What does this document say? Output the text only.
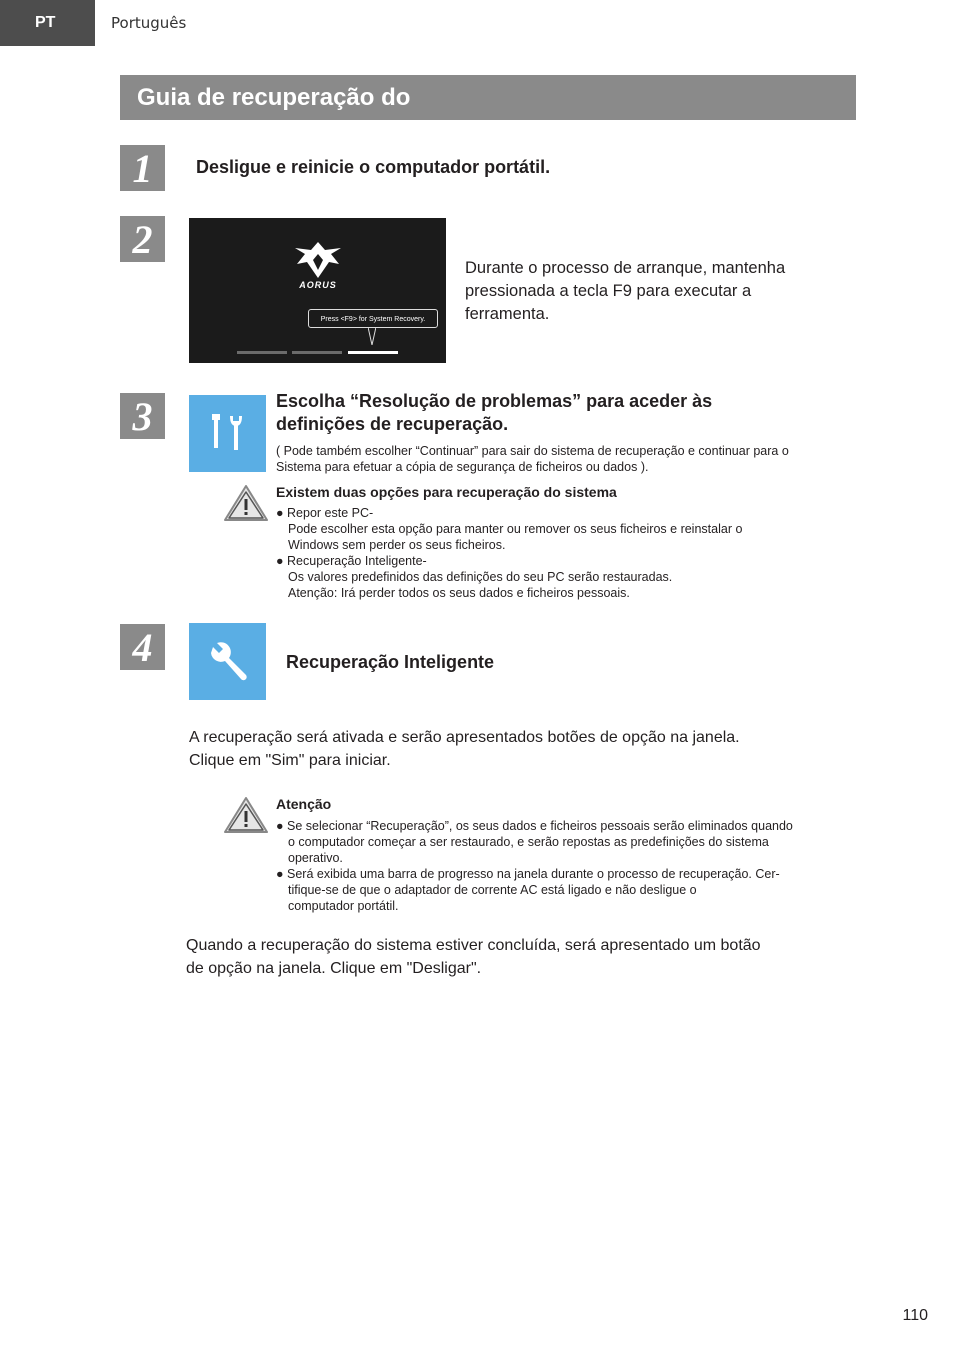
PT	Português
Guia de recuperação do
1	Desligue e reinicie o computador portátil.
2
AORUS
Press <F9> for System Recovery.
Durante o processo de arranque, mantenha
pressionada a tecla F9 para executar a
ferramenta.
3	Escolha “Resolução de problemas” para aceder às
definições de recuperação.
( Pode também escolher “Continuar” para sair do sistema de recuperação e continuar para o
Sistema para efetuar a cópia de segurança de ficheiros ou dados ).
Existem duas opções para recuperação do sistema
● Repor este PC-
Pode escolher esta opção para manter ou remover os seus ficheiros e reinstalar o
Windows sem perder os seus ficheiros.
● Recuperação Inteligente-
Os valores predefinidos das definições do seu PC serão restauradas.
Atenção: Irá perder todos os seus dados e ficheiros pessoais.
4	Recuperação Inteligente
A recuperação será ativada e serão apresentados botões de opção na janela.
Clique em "Sim" para iniciar.
Atenção
● Se selecionar “Recuperação”, os seus dados e ficheiros pessoais serão eliminados quando
o computador começar a ser restaurado, e serão repostas as predefinições do sistema
operativo.
● Será exibida uma barra de progresso na janela durante o processo de recuperação. Cer-
tifique-se de que o adaptador de corrente AC está ligado e não desligue o
computador portátil.
Quando a recuperação do sistema estiver concluída, será apresentado um botão
de opção na janela. Clique em "Desligar".
110
